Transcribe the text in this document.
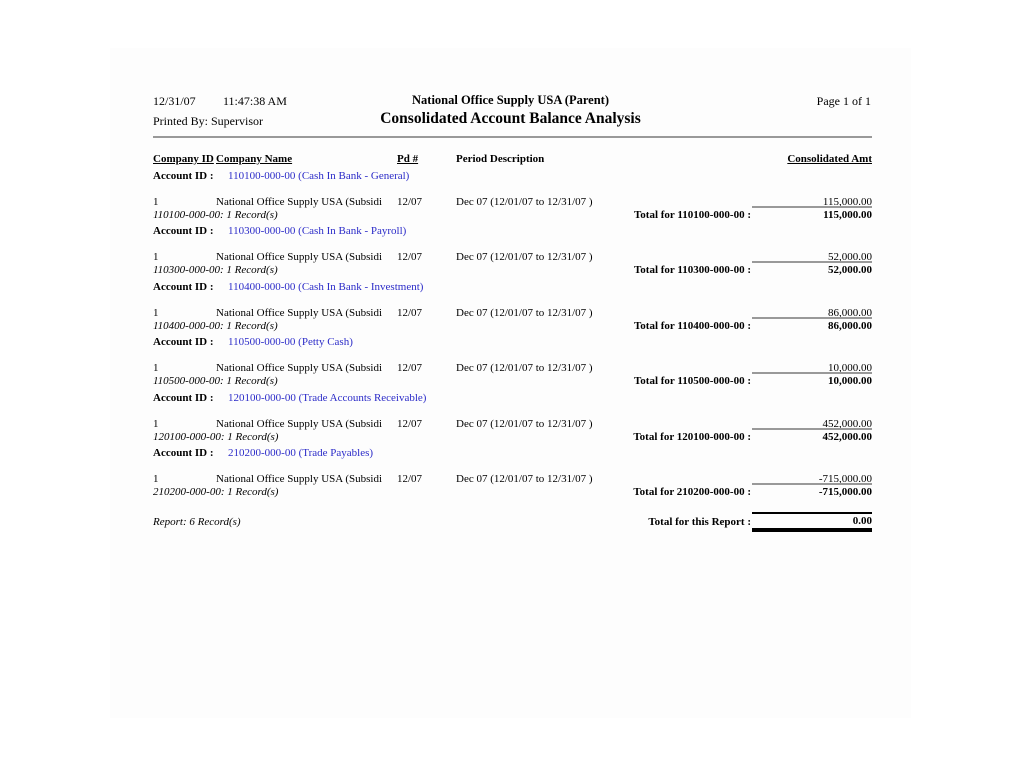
12/31/07 11:47:38 AM
Printed By: Supervisor
National Office Supply USA (Parent)
Consolidated Account Balance Analysis
Page 1 of 1
Company ID Company Name	Pd #	Period Description	Consolidated Amt
Account ID : 110100-000-00 (Cash In Bank - General)
1	National Office Supply USA (Subsidi 12/07	Dec 07 (12/01/07 to 12/31/07 )	115,000.00
110100-000-00: 1 Record(s)	Total for 110100-000-00 :	115,000.00
Account ID : 110300-000-00 (Cash In Bank - Payroll)
1	National Office Supply USA (Subsidi 12/07	Dec 07 (12/01/07 to 12/31/07 )	52,000.00
110300-000-00: 1 Record(s)	Total for 110300-000-00 :	52,000.00
Account ID : 110400-000-00 (Cash In Bank - Investment)
1	National Office Supply USA (Subsidi 12/07	Dec 07 (12/01/07 to 12/31/07 )	86,000.00
110400-000-00: 1 Record(s)	Total for 110400-000-00 :	86,000.00
Account ID : 110500-000-00 (Petty Cash)
1	National Office Supply USA (Subsidi 12/07	Dec 07 (12/01/07 to 12/31/07 )	10,000.00
110500-000-00: 1 Record(s)	Total for 110500-000-00 :	10,000.00
Account ID : 120100-000-00 (Trade Accounts Receivable)
1	National Office Supply USA (Subsidi 12/07	Dec 07 (12/01/07 to 12/31/07 )	452,000.00
120100-000-00: 1 Record(s)	Total for 120100-000-00 :	452,000.00
Account ID : 210200-000-00 (Trade Payables)
1	National Office Supply USA (Subsidi 12/07	Dec 07 (12/01/07 to 12/31/07 )	-715,000.00
210200-000-00: 1 Record(s)	Total for 210200-000-00 :	-715,000.00
Report: 6 Record(s)	Total for this Report :	0.00
